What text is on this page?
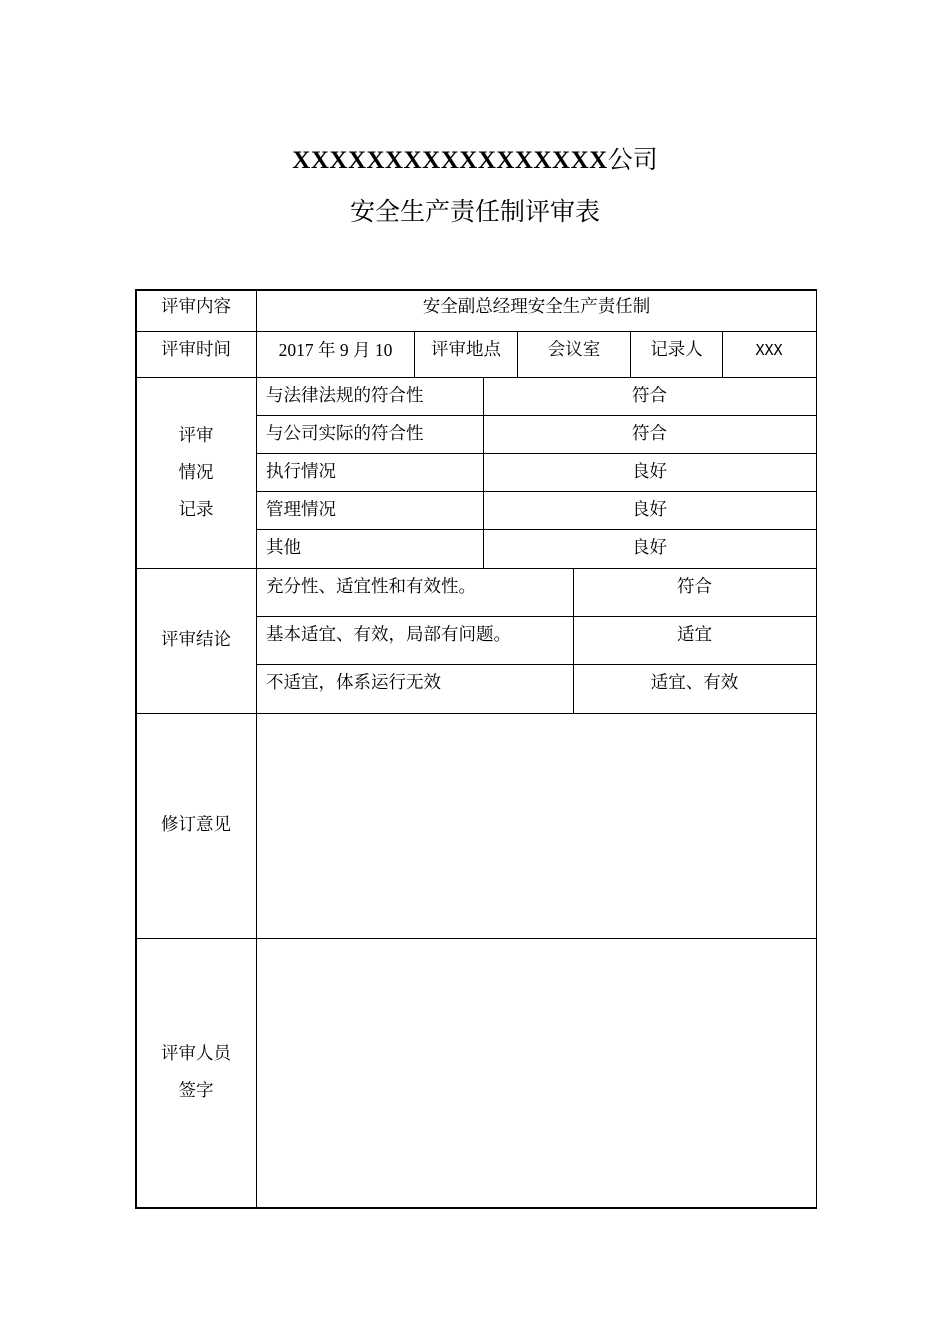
XXXXXXXXXXXXXXXXX公司
安全生产责任制评审表
评审内容	安全副总经理安全生产责任制
评审时间	2017 年 9 月 10	评审地点	会议室	记录人	XXX
评审
情况
记录
与法律法规的符合性	符合
与公司实际的符合性	符合
执行情况	良好
管理情况	良好
其他	良好
评审结论
充分性、适宜性和有效性。	符合
基本适宜、有效，局部有问题。	适宜
不适宜，体系运行无效	适宜、有效
修订意见
评审人员
签字
